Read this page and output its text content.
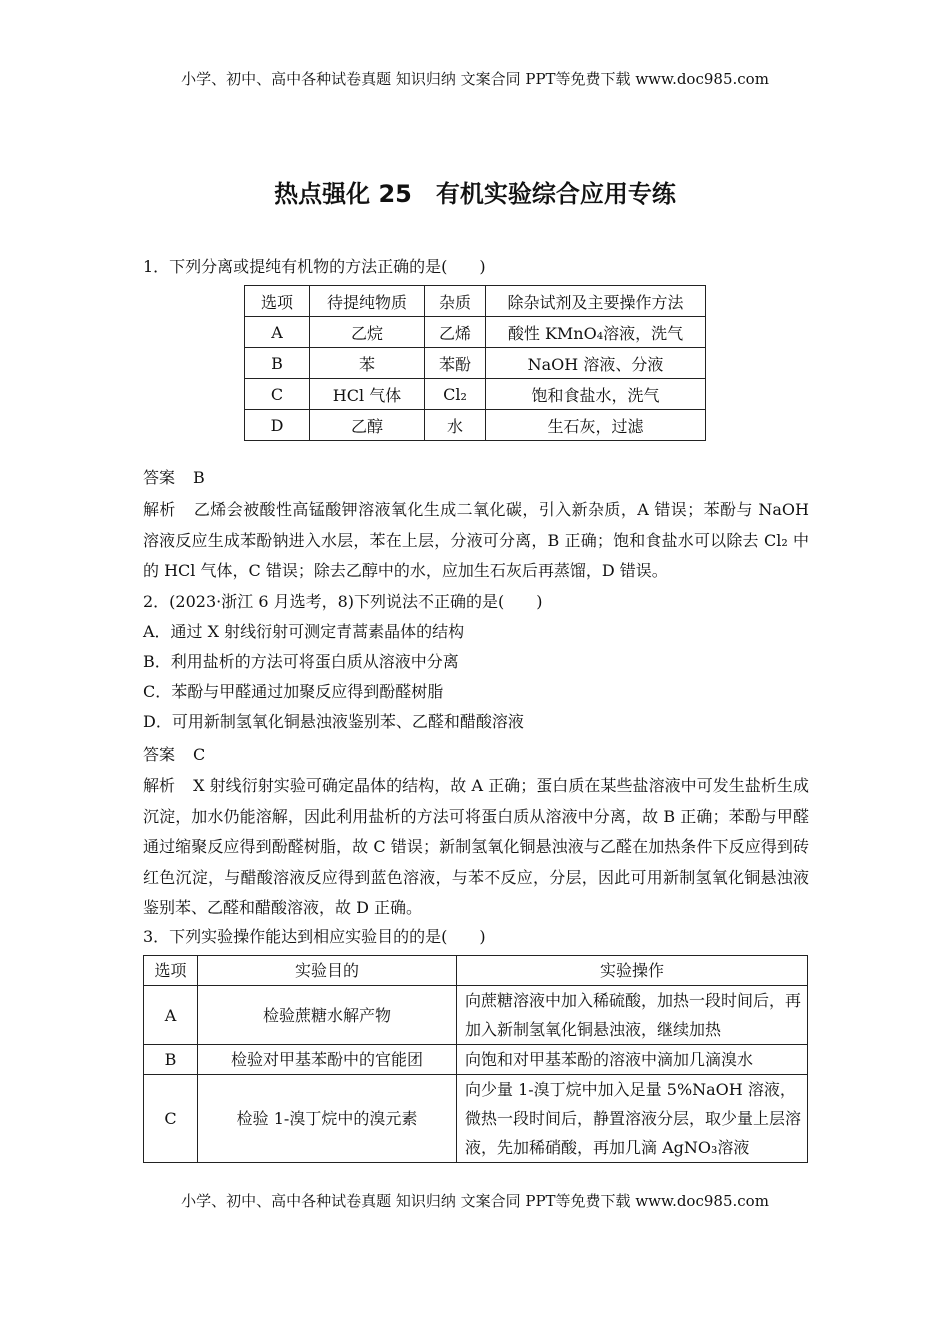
小学、初中、高中各种试卷真题 知识归纳 文案合同 PPT等免费下载 www.doc985.com
热点强化 25　有机实验综合应用专练
1．下列分离或提纯有机物的方法正确的是(　　)
选项	待提纯物质	杂质	除杂试剂及主要操作方法
A	乙烷	乙烯	酸性 KMnO₄溶液，洗气
B	苯	苯酚	NaOH 溶液、分液
C	HCl 气体	Cl₂	饱和食盐水，洗气
D	乙醇	水	生石灰，过滤
答案 B
解析 乙烯会被酸性高锰酸钾溶液氧化生成二氧化碳，引入新杂质，A 错误；苯酚与 NaOH 溶液反应生成苯酚钠进入水层，苯在上层，分液可分离，B 正确；饱和食盐水可以除去 Cl₂ 中的 HCl 气体，C 错误；除去乙醇中的水，应加生石灰后再蒸馏，D 错误。
2．(2023·浙江 6 月选考，8)下列说法不正确的是(　　)
A．通过 X 射线衍射可测定青蒿素晶体的结构
B．利用盐析的方法可将蛋白质从溶液中分离
C．苯酚与甲醛通过加聚反应得到酚醛树脂
D．可用新制氢氧化铜悬浊液鉴别苯、乙醛和醋酸溶液
答案 C
解析 X 射线衍射实验可确定晶体的结构，故 A 正确；蛋白质在某些盐溶液中可发生盐析生成沉淀，加水仍能溶解，因此利用盐析的方法可将蛋白质从溶液中分离，故 B 正确；苯酚与甲醛通过缩聚反应得到酚醛树脂，故 C 错误；新制氢氧化铜悬浊液与乙醛在加热条件下反应得到砖红色沉淀，与醋酸溶液反应得到蓝色溶液，与苯不反应，分层，因此可用新制氢氧化铜悬浊液鉴别苯、乙醛和醋酸溶液，故 D 正确。
3．下列实验操作能达到相应实验目的的是(　　)
选项	实验目的	实验操作
A	检验蔗糖水解产物	向蔗糖溶液中加入稀硫酸，加热一段时间后，再加入新制氢氧化铜悬浊液，继续加热
B	检验对甲基苯酚中的官能团	向饱和对甲基苯酚的溶液中滴加几滴溴水
C	检验 1-溴丁烷中的溴元素	向少量 1-溴丁烷中加入足量 5%NaOH 溶液，微热一段时间后，静置溶液分层，取少量上层溶液，先加稀硝酸，再加几滴 AgNO₃溶液
小学、初中、高中各种试卷真题 知识归纳 文案合同 PPT等免费下载 www.doc985.com
